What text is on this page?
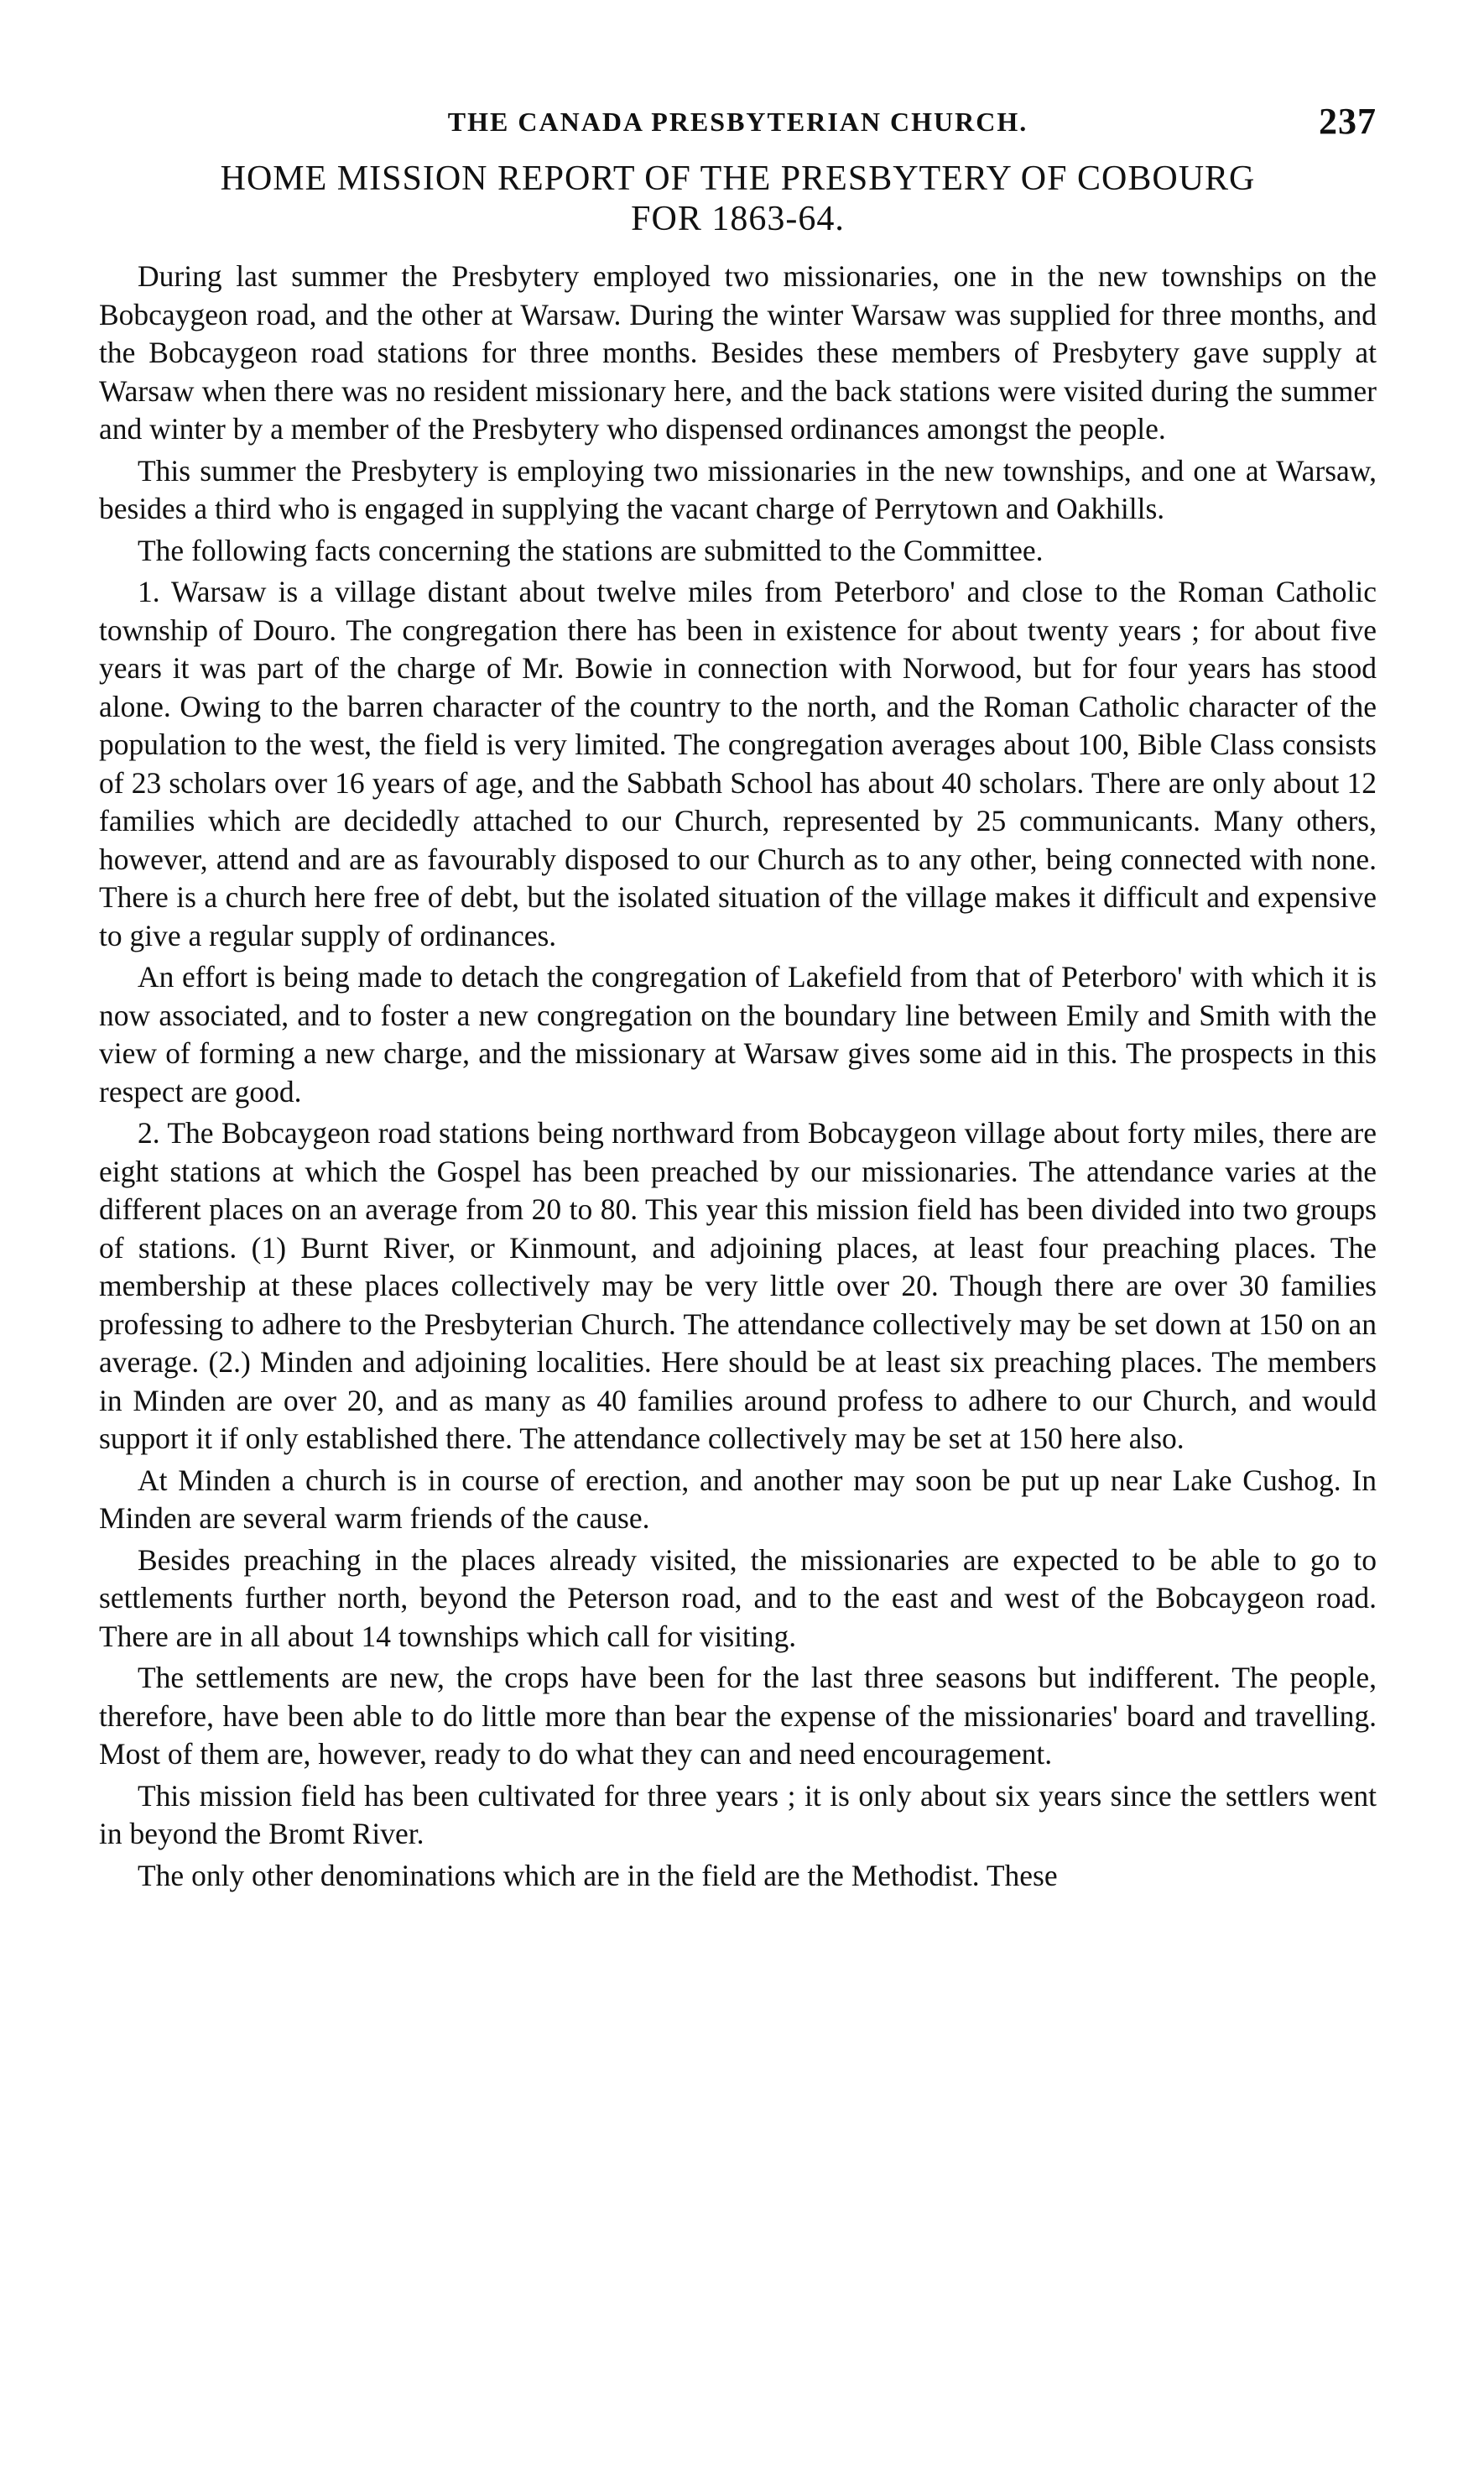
THE CANADA PRESBYTERIAN CHURCH.	237
HOME MISSION REPORT OF THE PRESBYTERY OF COBOURG
FOR 1863-64.

During last summer the Presbytery employed two missionaries, one in the new townships on the Bobcaygeon road, and the other at Warsaw. During the winter Warsaw was supplied for three months, and the Bobcaygeon road stations for three months. Besides these members of Presbytery gave supply at Warsaw when there was no resident missionary here, and the back stations were visited during the summer and winter by a member of the Presbytery who dispensed ordinances amongst the people.

This summer the Presbytery is employing two missionaries in the new townships, and one at Warsaw, besides a third who is engaged in supplying the vacant charge of Perrytown and Oakhills.

The following facts concerning the stations are submitted to the Committee.

1. Warsaw is a village distant about twelve miles from Peterboro' and close to the Roman Catholic township of Douro. The congregation there has been in existence for about twenty years ; for about five years it was part of the charge of Mr. Bowie in connection with Norwood, but for four years has stood alone. Owing to the barren character of the country to the north, and the Roman Catholic character of the population to the west, the field is very limited. The congregation averages about 100, Bible Class consists of 23 scholars over 16 years of age, and the Sabbath School has about 40 scholars. There are only about 12 families which are decidedly attached to our Church, represented by 25 communicants. Many others, however, attend and are as favourably disposed to our Church as to any other, being connected with none. There is a church here free of debt, but the isolated situation of the village makes it difficult and expensive to give a regular supply of ordinances.

An effort is being made to detach the congregation of Lakefield from that of Peterboro' with which it is now associated, and to foster a new congregation on the boundary line between Emily and Smith with the view of forming a new charge, and the missionary at Warsaw gives some aid in this. The prospects in this respect are good.

2. The Bobcaygeon road stations being northward from Bobcaygeon village about forty miles, there are eight stations at which the Gospel has been preached by our missionaries. The attendance varies at the different places on an average from 20 to 80. This year this mission field has been divided into two groups of stations. (1) Burnt River, or Kinmount, and adjoining places, at least four preaching places. The membership at these places collectively may be very little over 20. Though there are over 30 families professing to adhere to the Presbyterian Church. The attendance collectively may be set down at 150 on an average. (2.) Minden and adjoining localities. Here should be at least six preaching places. The members in Minden are over 20, and as many as 40 families around profess to adhere to our Church, and would support it if only established there. The attendance collectively may be set at 150 here also.

At Minden a church is in course of erection, and another may soon be put up near Lake Cushog. In Minden are several warm friends of the cause.

Besides preaching in the places already visited, the missionaries are expected to be able to go to settlements further north, beyond the Peterson road, and to the east and west of the Bobcaygeon road. There are in all about 14 townships which call for visiting.

The settlements are new, the crops have been for the last three seasons but indifferent. The people, therefore, have been able to do little more than bear the expense of the missionaries' board and travelling. Most of them are, however, ready to do what they can and need encouragement.

This mission field has been cultivated for three years ; it is only about six years since the settlers went in beyond the Bromt River.

The only other denominations which are in the field are the Methodist. These
